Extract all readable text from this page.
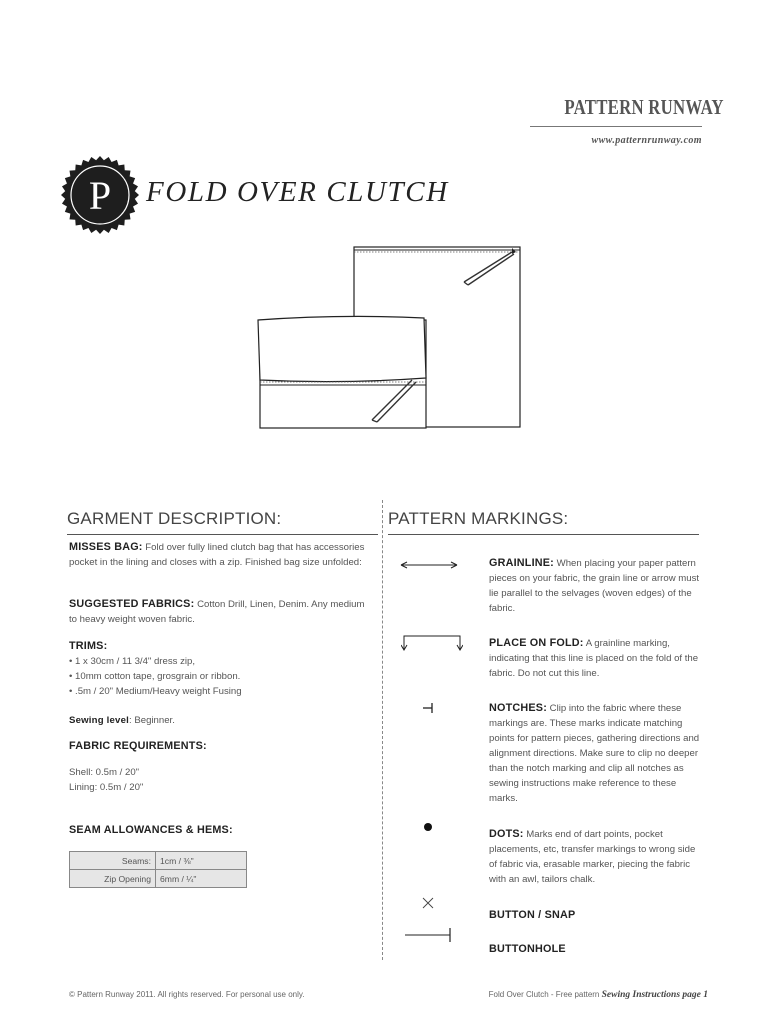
PATTERN RUNWAY
www.patternrunway.com
P FOLD OVER CLUTCH
GARMENT DESCRIPTION:	PATTERN MARKINGS:
MISSES BAG: Fold over fully lined clutch bag that has accessories pocket in the lining and closes with a zip. Finished bag size unfolded:
SUGGESTED FABRICS: Cotton Drill, Linen, Denim. Any medium to heavy weight woven fabric.
TRIMS:
• 1 x 30cm / 11 3/4" dress zip,
• 10mm cotton tape, grosgrain or ribbon.
• .5m / 20" Medium/Heavy weight Fusing
Sewing level: Beginner.
FABRIC REQUIREMENTS:
Shell: 0.5m / 20"
Lining: 0.5m / 20"
SEAM ALLOWANCES & HEMS:
Seams:	1cm / ⅜"
Zip Opening	6mm / ¼"
GRAINLINE: When placing your paper pattern pieces on your fabric, the grain line or arrow must lie parallel to the selvages (woven edges) of the fabric.
PLACE ON FOLD: A grainline marking, indicating that this line is placed on the fold of the fabric. Do not cut this line.
NOTCHES: Clip into the fabric where these markings are. These marks indicate matching points for pattern pieces, gathering directions and alignment directions. Make sure to clip no deeper than the notch marking and clip all notches as sewing instructions make reference to these marks.
DOTS: Marks end of dart points, pocket placements, etc, transfer markings to wrong side of fabric via, erasable marker, piecing the fabric with an awl, tailors chalk.
BUTTON / SNAP
BUTTONHOLE
© Pattern Runway 2011. All rights reserved. For personal use only.	Fold Over Clutch - Free pattern Sewing Instructions page 1
